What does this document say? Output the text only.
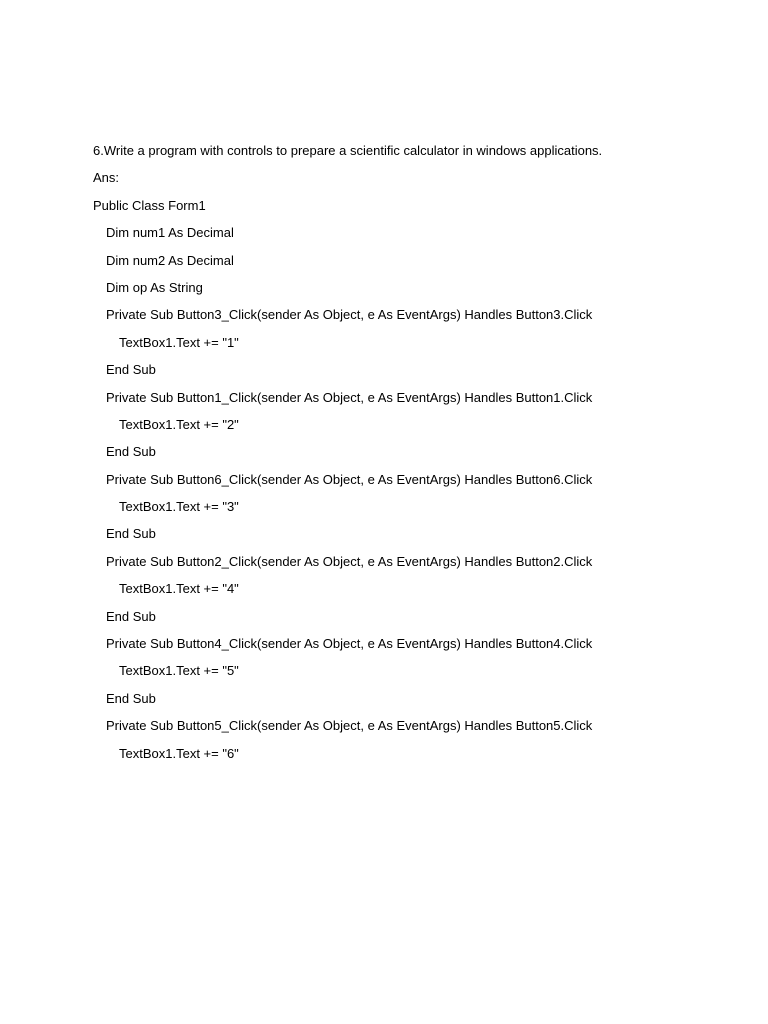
6.Write a program with controls to prepare a scientific calculator in windows applications.
Ans:
Public Class Form1
Dim num1 As Decimal
Dim num2 As Decimal
Dim op As String
Private Sub Button3_Click(sender As Object, e As EventArgs) Handles Button3.Click
TextBox1.Text += "1"
End Sub
Private Sub Button1_Click(sender As Object, e As EventArgs) Handles Button1.Click
TextBox1.Text += "2"
End Sub
Private Sub Button6_Click(sender As Object, e As EventArgs) Handles Button6.Click
TextBox1.Text += "3"
End Sub
Private Sub Button2_Click(sender As Object, e As EventArgs) Handles Button2.Click
TextBox1.Text += "4"
End Sub
Private Sub Button4_Click(sender As Object, e As EventArgs) Handles Button4.Click
TextBox1.Text += "5"
End Sub
Private Sub Button5_Click(sender As Object, e As EventArgs) Handles Button5.Click
TextBox1.Text += "6"
